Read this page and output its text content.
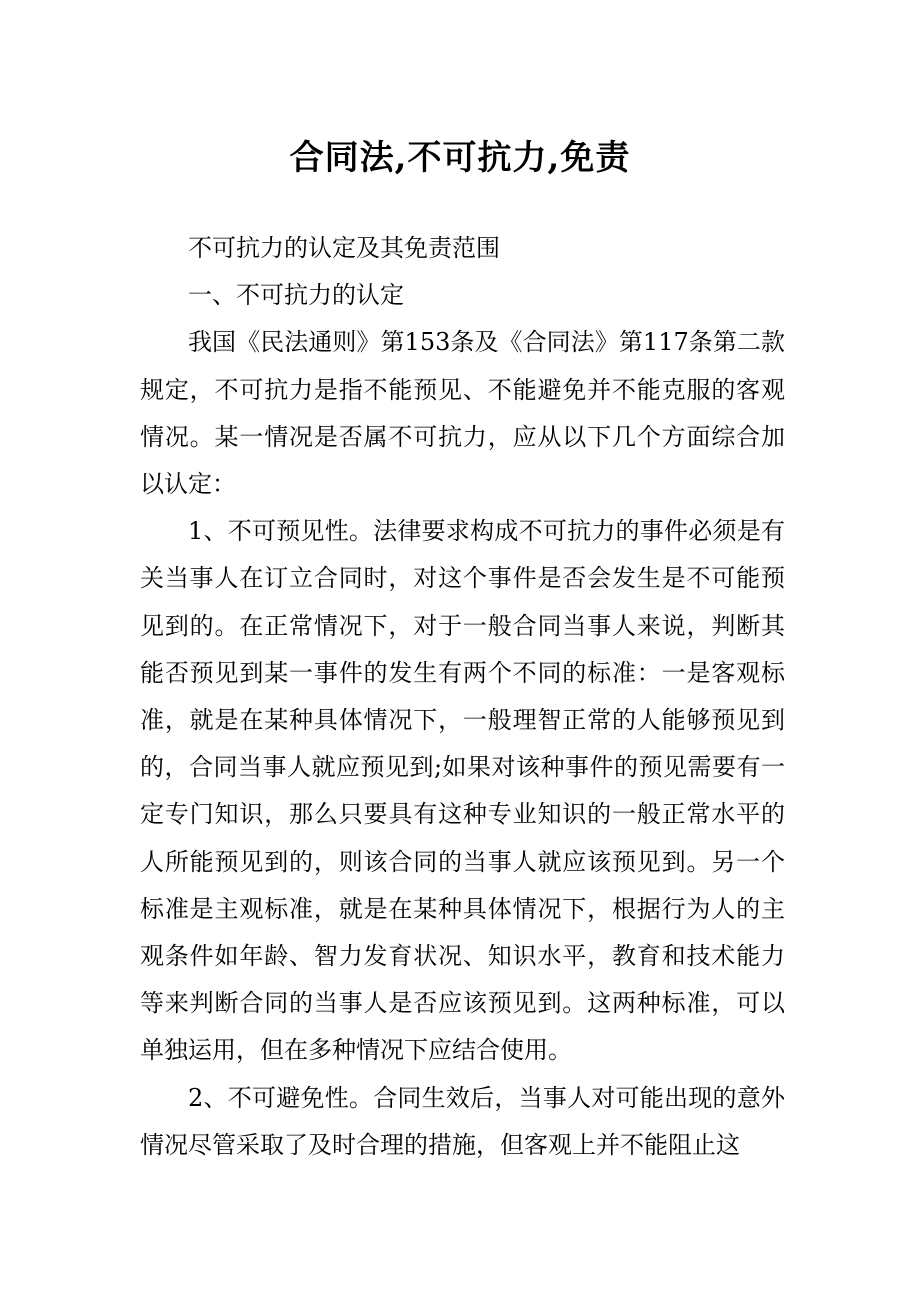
合同法,不可抗力,免责

不可抗力的认定及其免责范围

一、不可抗力的认定

我国《民法通则》第153条及《合同法》第117条第二款规定，不可抗力是指不能预见、不能避免并不能克服的客观情况。某一情况是否属不可抗力，应从以下几个方面综合加以认定：

1、不可预见性。法律要求构成不可抗力的事件必须是有关当事人在订立合同时，对这个事件是否会发生是不可能预见到的。在正常情况下，对于一般合同当事人来说，判断其能否预见到某一事件的发生有两个不同的标准：一是客观标准，就是在某种具体情况下，一般理智正常的人能够预见到的，合同当事人就应预见到;如果对该种事件的预见需要有一定专门知识，那么只要具有这种专业知识的一般正常水平的人所能预见到的，则该合同的当事人就应该预见到。另一个标准是主观标准，就是在某种具体情况下，根据行为人的主观条件如年龄、智力发育状况、知识水平，教育和技术能力等来判断合同的当事人是否应该预见到。这两种标准，可以单独运用，但在多种情况下应结合使用。

2、不可避免性。合同生效后，当事人对可能出现的意外情况尽管采取了及时合理的措施，但客观上并不能阻止这
